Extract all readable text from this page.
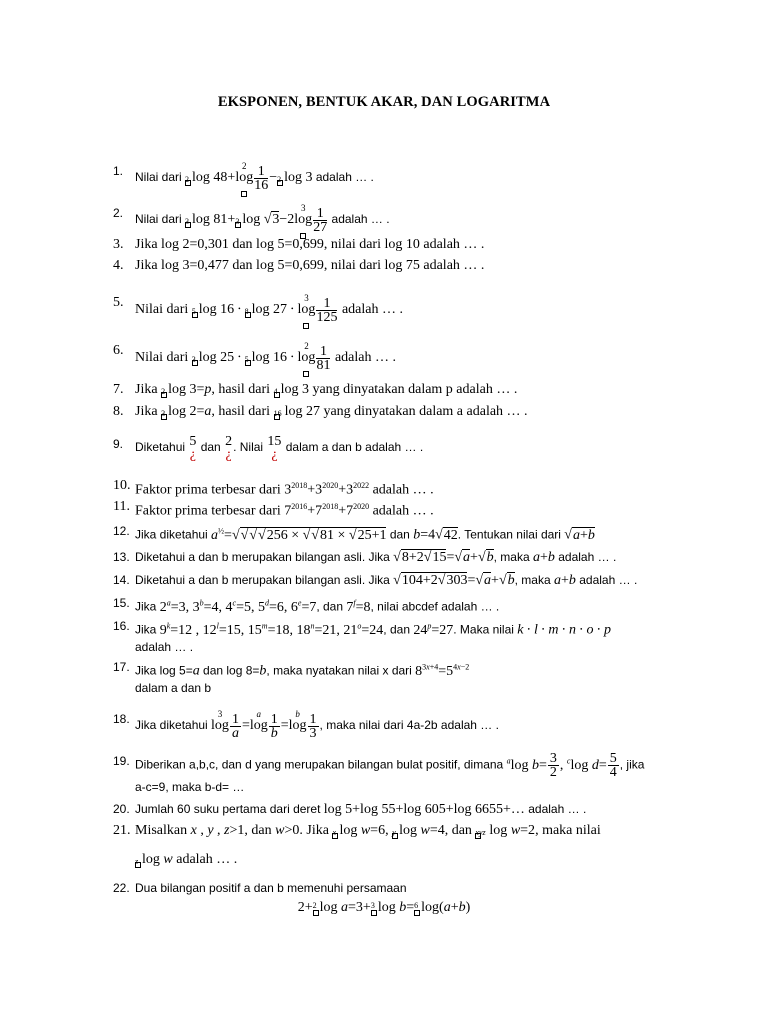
EKSPONEN, BENTUK AKAR, DAN LOGARITMA
1. Nilai dari 2 log 48+
2
$\log \frac{1}{16} - 2$ log 3 adalah … .
2. Nilai dari 3 log 81+ 3 log √3−2
3
$\log \frac{1}{27}$ adalah … .
3. Jika log 2=0,301 dan log 5=0,699, nilai dari log 10 adalah … .
4. Jika log 3=0,477 dan log 5=0,699, nilai dari log 75 adalah … .
5. Nilai dari 5 log 16 ∙ 8 log 27 ∙
3
$\log \frac{1}{125}$ adalah … .
6. Nilai dari 3 log 25 ∙ 5 log 16 ∙
2
$\log \frac{1}{81}$ adalah … .
7. Jika 2 log 3=p, hasil dari 4 log 3 yang dinyatakan dalam p adalah … .
8. Jika 3 log 2=a, hasil dari 16 log 27 yang dinyatakan dalam a adalah … .
9. Diketahui 5
¿ dan 2
¿ . Nilai 15
¿ dalam a dan b adalah … .
10. Faktor prima terbesar dari $3^{2018}+3^{2020}+3^{2022}$ adalah … .
11. Faktor prima terbesar dari $7^{2016}+7^{2018}+7^{2020}$ adalah … .
12. Jika diketahui $a^{\frac{1}{2}}=√√√√256 \times √√81 \times √25+1$ dan b=4√42. Tentukan nilai dari √a+b
13. Diketahui a dan b merupakan bilangan asli. Jika √8+2√15=√a+√b, maka a+b adalah … .
14. Diketahui a dan b merupakan bilangan asli. Jika √104+2√303=√a+√b, maka a+b adalah … .
15. Jika $2^a=3$, $3^b=4$, $4^c=5$, $5^d=6$, $6^e=7$, dan $7^f=8$, nilai abcdef adalah … .
16. Jika $9^k=12$ , $12^l=15$, $15^m=18$, $18^n=21$, $21^o=24$, dan $24^p=27$. Maka nilai k ∙ l ∙ m ∙ n ∙ o ∙ p
adalah … .
17. Jika log 5=a dan log 8=b, maka nyatakan nilai x dari $8^{3x+4}=5^{4x-2}$
dalam a dan b
18. Jika diketahui
3
$\log \frac{1}{a}$ =
a
$\log \frac{1}{b}$ =
b
$\log \frac{1}{3}$ , maka nilai dari 4a-2b adalah … .
19. Diberikan a,b,c, dan d yang merupakan bilangan bulat positif, dimana $^a$log $b= \frac{3}{2}$ , $^c$log $d= \frac{5}{4}$ , jika
a-c=9, maka b-d= …
20. Jumlah 60 suku pertama dari deret log 5+log 55+log 605+log 6655+… adalah … .
21. Misalkan x , y , z>1, dan w>0. Jika x log w=6, y log w=4, dan xyz log w=2, maka nilai
z log w adalah … .
22. Dua bilangan positif a dan b memenuhi persamaan
2+ 2 log a=3+ 3 log b= 6 log(a+b)
